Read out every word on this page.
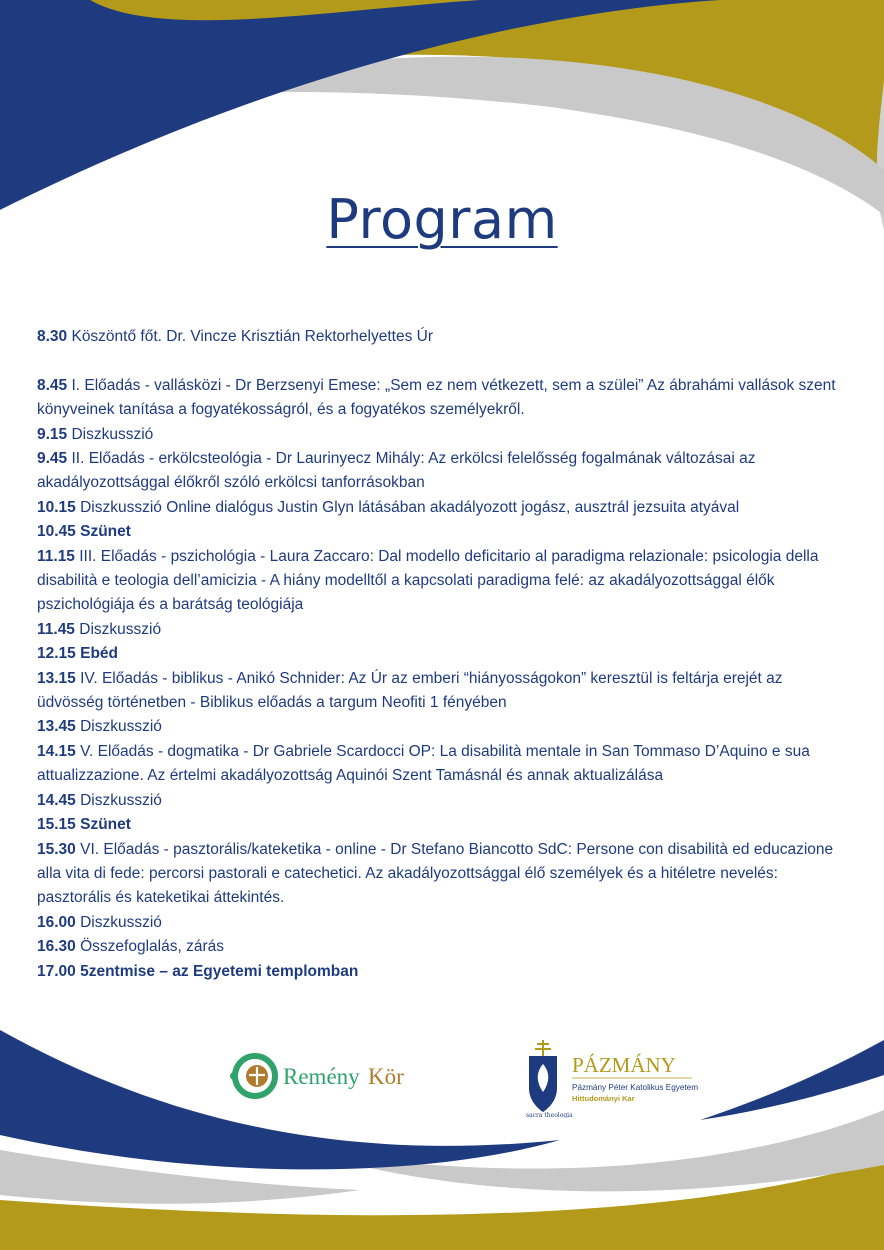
Program
8.30 Köszöntő főt. Dr. Vincze Krisztián Rektorhelyettes Úr
8.45 I. Előadás - vallásközi - Dr Berzsenyi Emese: „Sem ez nem vétkezett, sem a szülei” Az ábrahámi vallások szent könyveinek tanítása a fogyatékosságról, és a fogyatékos személyekről.
9.15 Diszkusszió
9.45 II. Előadás - erkölcsteológia - Dr Laurinyecz Mihály: Az erkölcsi felelősség fogalmának változásai az akadályozottsággal élőkről szóló erkölcsi tanforrásokban
10.15 Diszkusszió Online dialógus Justin Glyn látásában akadályozott jogász, ausztrál jezsuita atyával
10.45 Szünet
11.15 III. Előadás - pszichológia - Laura Zaccaro: Dal modello deficitario al paradigma relazionale: psicologia della disabilità e teologia dell’amicizia - A hiány modelltől a kapcsolati paradigma felé: az akadályozottsággal élők pszichológiája és a barátság teológiája
11.45 Diszkusszió
12.15 Ebéd
13.15 IV. Előadás - biblikus - Anikó Schnider: Az Úr az emberi “hiányosságokon” keresztül is feltárja erejét az üdvösség történetben - Biblikus előadás a targum Neofiti 1 fényében
13.45 Diszkusszió
14.15 V. Előadás - dogmatika - Dr Gabriele Scardocci OP: La disabilità mentale in San Tommaso D’Aquino e sua attualizzazione. Az értelmi akadályozottság Aquinói Szent Tamásnál és annak aktualizálása
14.45 Diszkusszió
15.15 Szünet
15.30 VI. Előadás - pasztorális/kateketika - online - Dr Stefano Biancotto SdC: Persone con disabilità ed educazione alla vita di fede: percorsi pastorali e catechetici. Az akadályozottsággal élő személyek és a hitéletre nevelés: pasztorális és kateketikai áttekintés.
16.00 Diszkusszió
16.30 Összefoglalás, zárás
17.00 5zentmise – az Egyetemi templomban
Remény Kör
sacra theologia
PÁZMÁNY
Pázmány Péter Katolikus Egyetem
Hittudományi Kar
